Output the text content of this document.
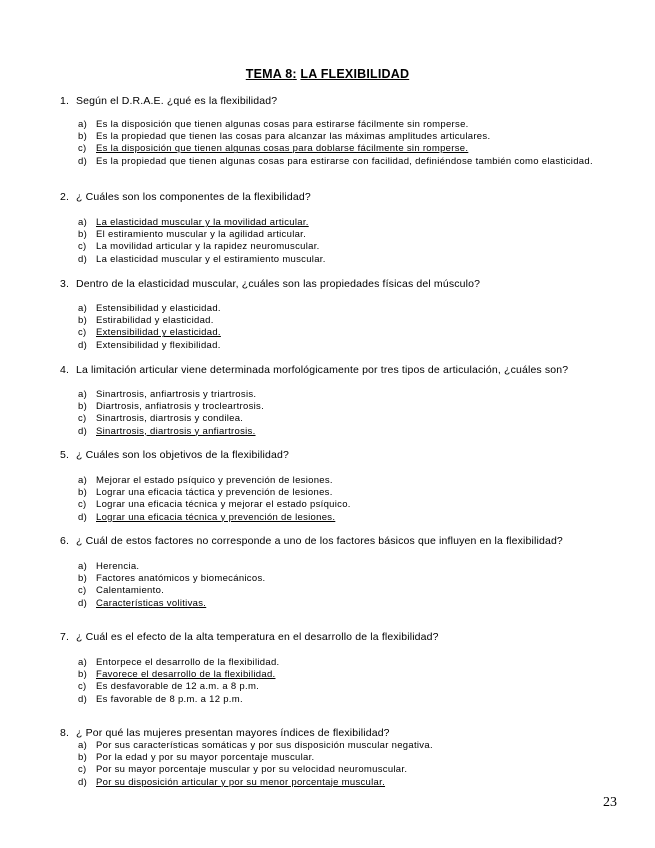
TEMA 8: LA FLEXIBILIDAD
1. Según el D.R.A.E. ¿qué es la flexibilidad?
a) Es la disposición que tienen algunas cosas para estirarse fácilmente sin romperse.
b) Es la propiedad que tienen las cosas para alcanzar las máximas amplitudes articulares.
c) Es la disposición que tienen algunas cosas para doblarse fácilmente sin romperse.
d) Es la propiedad que tienen algunas cosas para estirarse con facilidad, definiéndose también como elasticidad.
2. ¿ Cuáles son los componentes de la flexibilidad?
a) La elasticidad muscular y la movilidad articular.
b) El estiramiento muscular y la agilidad articular.
c) La movilidad articular y la rapidez neuromuscular.
d) La elasticidad muscular y el estiramiento muscular.
3. Dentro de la elasticidad muscular, ¿cuáles son las propiedades físicas del músculo?
a) Estensibilidad y elasticidad.
b) Estirabilidad y elasticidad.
c) Extensibilidad y elasticidad.
d) Extensibilidad y flexibilidad.
4. La limitación articular viene determinada morfológicamente por tres tipos de articulación, ¿cuáles son?
a) Sinartrosis, anfiartrosis y triartrosis.
b) Diartrosis, anfiatrosis y trocleartrosis.
c) Sinartrosis, diartrosis y condilea.
d) Sinartrosis, diartrosis y anfiartrosis.
5. ¿ Cuáles son los objetivos de la flexibilidad?
a) Mejorar el estado psíquico y prevención de lesiones.
b) Lograr una eficacia táctica y prevención de lesiones.
c) Lograr una eficacia técnica y mejorar el estado psíquico.
d) Lograr una eficacia técnica y prevención de lesiones.
6. ¿ Cuál de estos factores no corresponde a uno de los factores básicos que influyen en la flexibilidad?
a) Herencia.
b) Factores anatómicos y biomecánicos.
c) Calentamiento.
d) Características volitivas.
7. ¿ Cuál es el efecto de la alta temperatura en el desarrollo de la flexibilidad?
a) Entorpece el desarrollo de la flexibilidad.
b) Favorece el desarrollo de la flexibilidad.
c) Es desfavorable de 12 a.m. a 8 p.m.
d) Es favorable de 8 p.m. a 12 p.m.
8. ¿ Por qué las mujeres presentan mayores índices de flexibilidad?
a) Por sus características somáticas y por sus disposición muscular negativa.
b) Por la edad y por su mayor porcentaje muscular.
c) Por su mayor porcentaje muscular y por su velocidad neuromuscular.
d) Por su disposición articular y por su menor porcentaje muscular.
23
